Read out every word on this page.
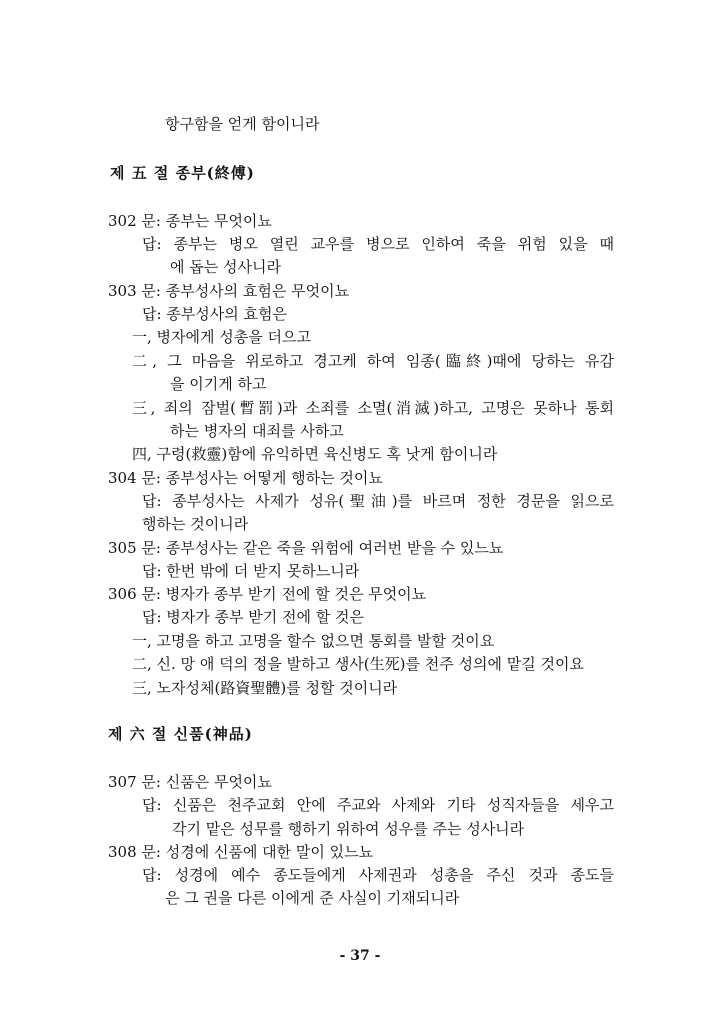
항구함을 얻게 함이니라
제 五 절 종부(終傅)
302 문: 종부는 무엇이뇨
답: 종부는 병오 열린 교우를 병으로 인하여 죽을 위험 있을 때
에 돕는 성사니라
303 문: 종부성사의 효험은 무엇이뇨
답: 종부성사의 효험은
一, 병자에게 성총을 더으고
二, 그 마음을 위로하고 경고케 하여 임종(臨終)때에 당하는 유감
을 이기게 하고
三, 죄의 잠벌(暫罰)과 소죄를 소멸(消滅)하고, 고명은 못하나 통회
하는 병자의 대죄를 사하고
四, 구령(救靈)함에 유익하면 육신병도 혹 낫게 함이니라
304 문: 종부성사는 어떻게 행하는 것이뇨
답: 종부성사는 사제가 성유(聖油)를 바르며 정한 경문을 읽으로
행하는 것이니라
305 문: 종부성사는 같은 죽을 위험에 여러번 받을 수 있느뇨
답: 한번 밖에 더 받지 못하느니라
306 문: 병자가 종부 받기 전에 할 것은 무엇이뇨
답: 병자가 종부 받기 전에 할 것은
一, 고명을 하고 고명을 할수 없으면 통회를 발할 것이요
二, 신. 망 애 덕의 정을 발하고 생사(生死)를 천주 성의에 맡길 것이요
三, 노자성체(路資聖體)를 청할 것이니라
제 六 절 신품(神品)
307 문: 신품은 무엇이뇨
답: 신품은 천주교회 안에 주교와 사제와 기타 성직자들을 세우고
각기 맡은 성무를 행하기 위하여 성우를 주는 성사니라
308 문: 성경에 신품에 대한 말이 있느뇨
답: 성경에 예수 종도들에게 사제권과 성총을 주신 것과 종도들
은 그 권을 다른 이에게 준 사실이 기재되니라
- 37 -
